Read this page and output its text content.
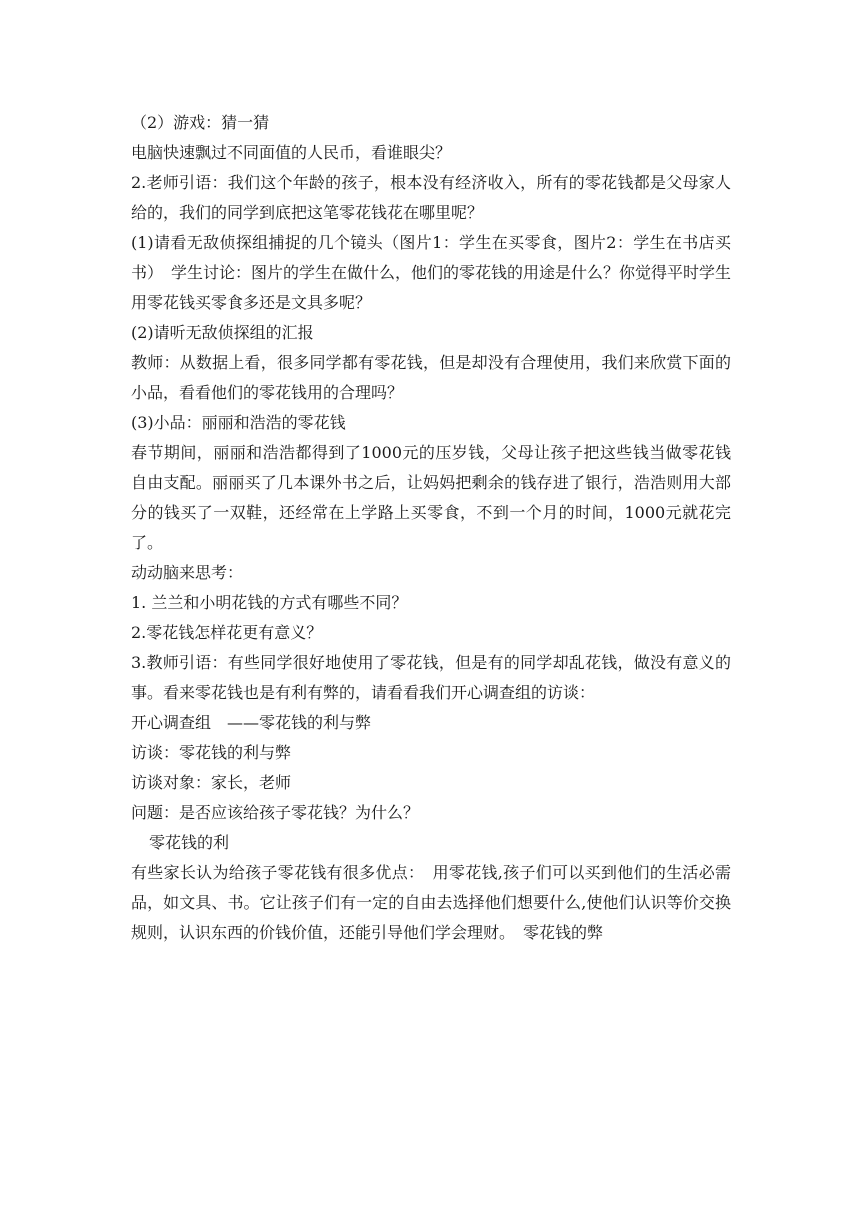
（2）游戏：猜一猜

电脑快速飘过不同面值的人民币，看谁眼尖？

2.老师引语：我们这个年龄的孩子，根本没有经济收入，所有的零花钱都是父母家人给的，我们的同学到底把这笔零花钱花在哪里呢？

(1)请看无敌侦探组捕捉的几个镜头（图片1：学生在买零食，图片2：学生在书店买书）　学生讨论：图片的学生在做什么，他们的零花钱的用途是什么？你觉得平时学生用零花钱买零食多还是文具多呢？

(2)请听无敌侦探组的汇报

教师：从数据上看，很多同学都有零花钱，但是却没有合理使用，我们来欣赏下面的小品，看看他们的零花钱用的合理吗？

(3)小品：丽丽和浩浩的零花钱

春节期间，丽丽和浩浩都得到了1000元的压岁钱，父母让孩子把这些钱当做零花钱自由支配。丽丽买了几本课外书之后，让妈妈把剩余的钱存进了银行，浩浩则用大部分的钱买了一双鞋，还经常在上学路上买零食，不到一个月的时间，1000元就花完了。

动动脑来思考：

1. 兰兰和小明花钱的方式有哪些不同？

2.零花钱怎样花更有意义？

3.教师引语：有些同学很好地使用了零花钱，但是有的同学却乱花钱，做没有意义的事。看来零花钱也是有利有弊的，请看看我们开心调查组的访谈：

开心调查组　——零花钱的利与弊

访谈：零花钱的利与弊

访谈对象：家长，老师

问题：是否应该给孩子零花钱？为什么？

零花钱的利

有些家长认为给孩子零花钱有很多优点：　用零花钱,孩子们可以买到他们的生活必需品，如文具、书。它让孩子们有一定的自由去选择他们想要什么,使他们认识等价交换规则，认识东西的价钱价值，还能引导他们学会理财。　零花钱的弊
